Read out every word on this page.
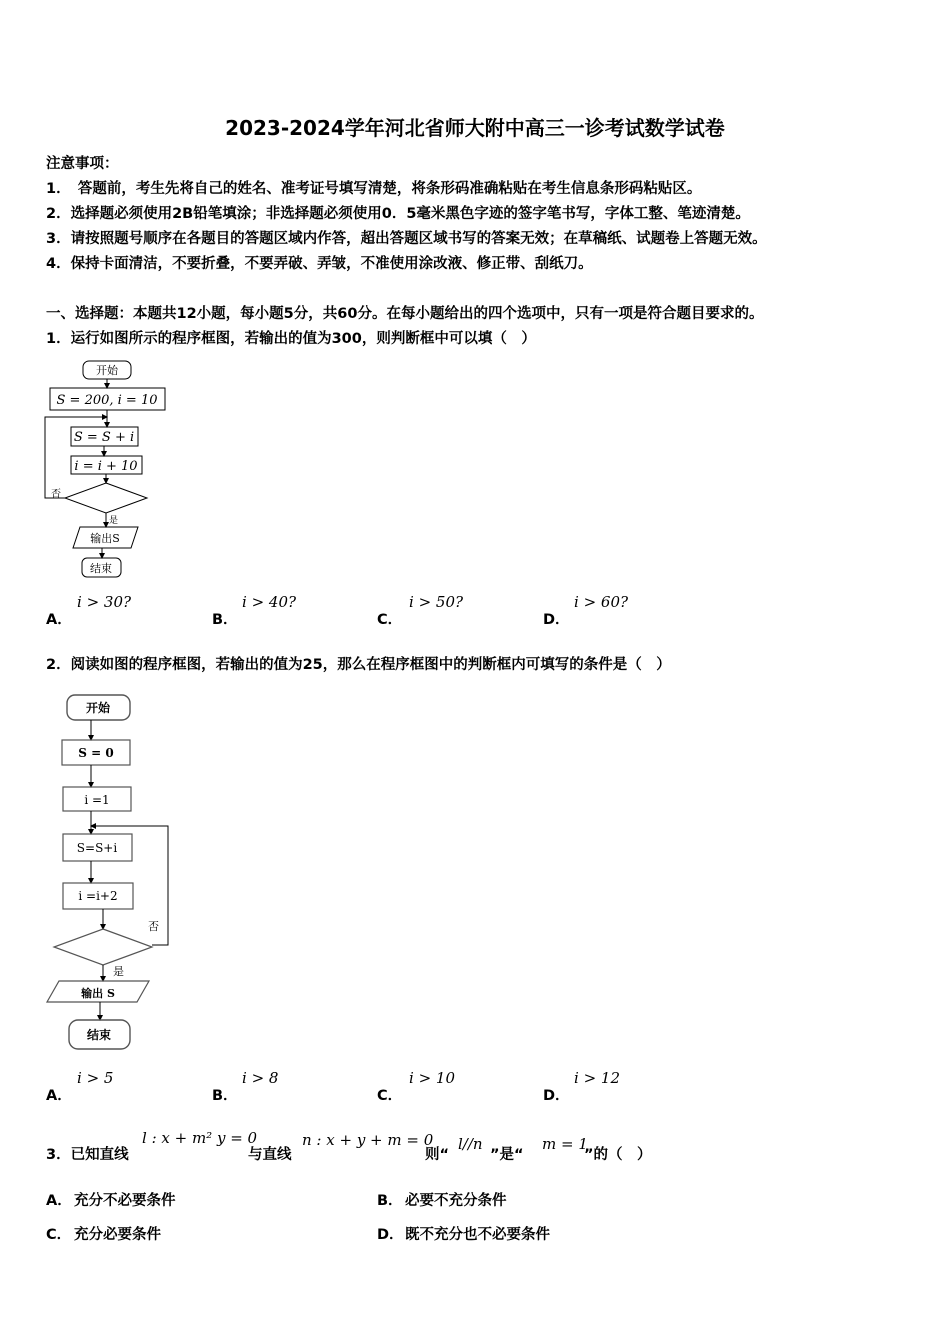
2023-2024学年河北省师大附中高三一诊考试数学试卷
注意事项：
1．　答题前，考生先将自己的姓名、准考证号填写清楚，将条形码准确粘贴在考生信息条形码粘贴区。
2．选择题必须使用2B铅笔填涂；非选择题必须使用0．5毫米黑色字迹的签字笔书写，字体工整、笔迹清楚。
3．请按照题号顺序在各题目的答题区域内作答，超出答题区域书写的答案无效；在草稿纸、试题卷上答题无效。
4．保持卡面清洁，不要折叠，不要弄破、弄皱，不准使用涂改液、修正带、刮纸刀。
一、选择题：本题共12小题，每小题5分，共60分。在每小题给出的四个选项中，只有一项是符合题目要求的。
1．运行如图所示的程序框图，若输出的值为300，则判断框中可以填（　）
开始
S = 200, i = 10
S = S + i
i = i + 10
否
是
输出S
结束
A．
i > 30?
B．
i > 40?
C．
i > 50?
D．
i > 60?
2．阅读如图的程序框图，若输出的值为25，那么在程序框图中的判断框内可填写的条件是（　）
开始
S = 0
i =1
S=S+i
i =i+2
否
是
输出 S
结束
A．
i > 5
B．
i > 8
C．
i > 10
D．
i > 12
3．已知直线
l : x + m² y = 0
与直线
n : x + y + m = 0
则“
l//n
”是“
m = 1
”的（　）
A． 充分不必要条件	B． 必要不充分条件
C． 充分必要条件	D． 既不充分也不必要条件
